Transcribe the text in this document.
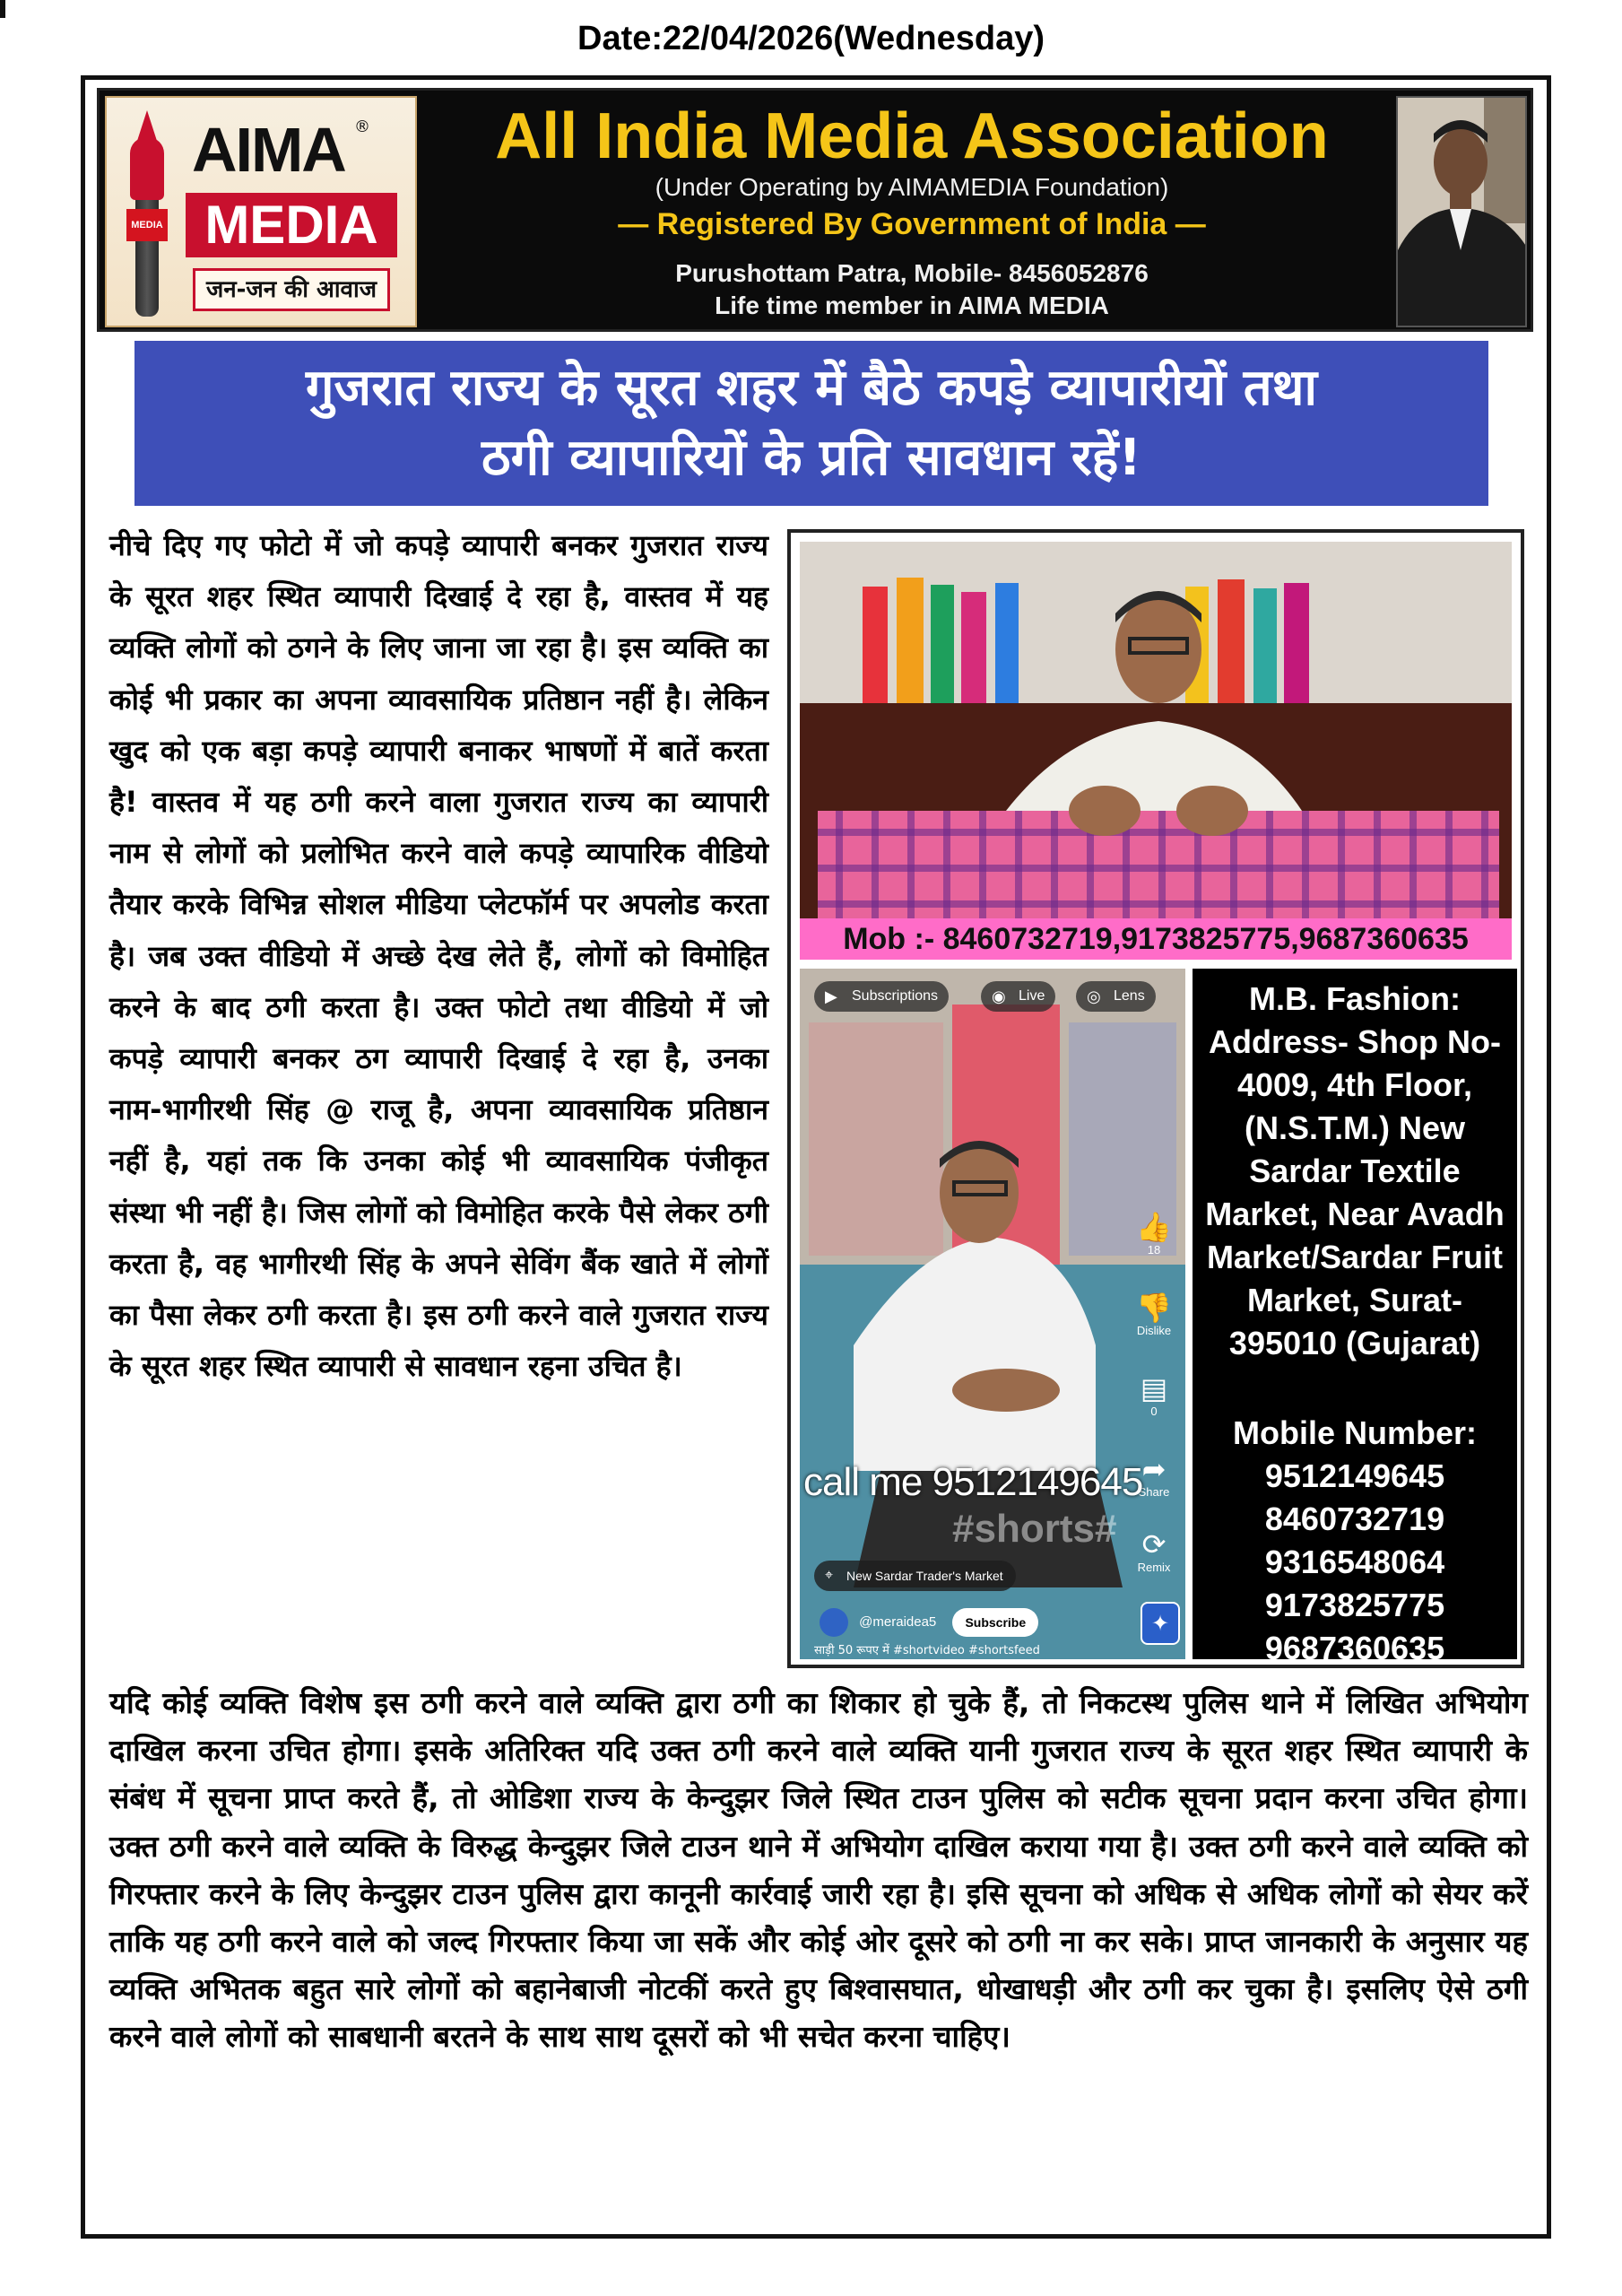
Date:22/04/2026(Wednesday)
MEDIA
AIMA ®
MEDIA
जन-जन की आवाज
All India Media Association
(Under Operating by AIMAMEDIA Foundation)
— Registered By Government of India —
Purushottam Patra, Mobile- 8456052876
Life time member in AIMA MEDIA
गुजरात राज्य के सूरत शहर में बैठे कपड़े व्यापारीयों तथा
ठगी व्यापारियों के प्रति सावधान रहें!
नीचे दिए गए फोटो में जो कपड़े व्यापारी बनकर गुजरात राज्य के सूरत शहर स्थित व्यापारी दिखाई दे रहा है, वास्तव में यह व्यक्ति लोगों को ठगने के लिए जाना जा रहा है। इस व्यक्ति का कोई भी प्रकार का अपना व्यावसायिक प्रतिष्ठान नहीं है। लेकिन खुद को एक बड़ा कपड़े व्यापारी बनाकर भाषणों में बातें करता है! वास्तव में यह ठगी करने वाला गुजरात राज्य का व्यापारी नाम से लोगों को प्रलोभित करने वाले कपड़े व्यापारिक वीडियो तैयार करके विभिन्न सोशल मीडिया प्लेटफॉर्म पर अपलोड करता है। जब उक्त वीडियो में अच्छे देख लेते हैं, लोगों को विमोहित करने के बाद ठगी करता है। उक्त फोटो तथा वीडियो में जो कपड़े व्यापारी बनकर ठग व्यापारी दिखाई दे रहा है, उनका नाम-भागीरथी सिंह @ राजू है, अपना व्यावसायिक प्रतिष्ठान नहीं है, यहां तक कि उनका कोई भी व्यावसायिक पंजीकृत संस्था भी नहीं है। जिस लोगों को विमोहित करके पैसे लेकर ठगी करता है, वह भागीरथी सिंह के अपने सेविंग बैंक खाते में लोगों का पैसा लेकर ठगी करता है। इस ठगी करने वाले गुजरात राज्य के सूरत शहर स्थित व्यापारी से सावधान रहना उचित है।
Mob :- 8460732719,9173825775,9687360635
▶ Subscriptions	◉ Live	◎ Lens
👍
18
👎
Dislike
▤
0
➦
Share
⟳
Remix
call me 9512149645
#shorts#
⌖ New Sardar Trader's Market
@meraidea5 Subscribe
साड़ी 50 रूपए में #shortvideo #shortsfeed
✦
M.B. Fashion: Address- Shop No-4009, 4th Floor, (N.S.T.M.) New Sardar Textile Market, Near Avadh Market/Sardar Fruit Market, Surat-395010 (Gujarat)
Mobile Number:
9512149645
8460732719
9316548064
9173825775
9687360635
यदि कोई व्यक्ति विशेष इस ठगी करने वाले व्यक्ति द्वारा ठगी का शिकार हो चुके हैं, तो निकटस्थ पुलिस थाने में लिखित अभियोग दाखिल करना उचित होगा। इसके अतिरिक्त यदि उक्त ठगी करने वाले व्यक्ति यानी गुजरात राज्य के सूरत शहर स्थित व्यापारी के संबंध में सूचना प्राप्त करते हैं, तो ओडिशा राज्य के केन्दुझर जिले स्थित टाउन पुलिस को सटीक सूचना प्रदान करना उचित होगा। उक्त ठगी करने वाले व्यक्ति के विरुद्ध केन्दुझर जिले टाउन थाने में अभियोग दाखिल कराया गया है। उक्त ठगी करने वाले व्यक्ति को गिरफ्तार करने के लिए केन्दुझर टाउन पुलिस द्वारा कानूनी कार्रवाई जारी रहा है। इसि सूचना को अधिक से अधिक लोगों को सेयर करें ताकि यह ठगी करने वाले को जल्द गिरफ्तार किया जा सकें और कोई ओर दूसरे को ठगी ना कर सके। प्राप्त जानकारी के अनुसार यह व्यक्ति अभितक बहुत सारे लोगों को बहानेबाजी नोटकीं करते हुए बिश्वासघात, धोखाधड़ी और ठगी कर चुका है। इसलिए ऐसे ठगी करने वाले लोगों को साबधानी बरतने के साथ साथ दूसरों को भी सचेत करना चाहिए।
